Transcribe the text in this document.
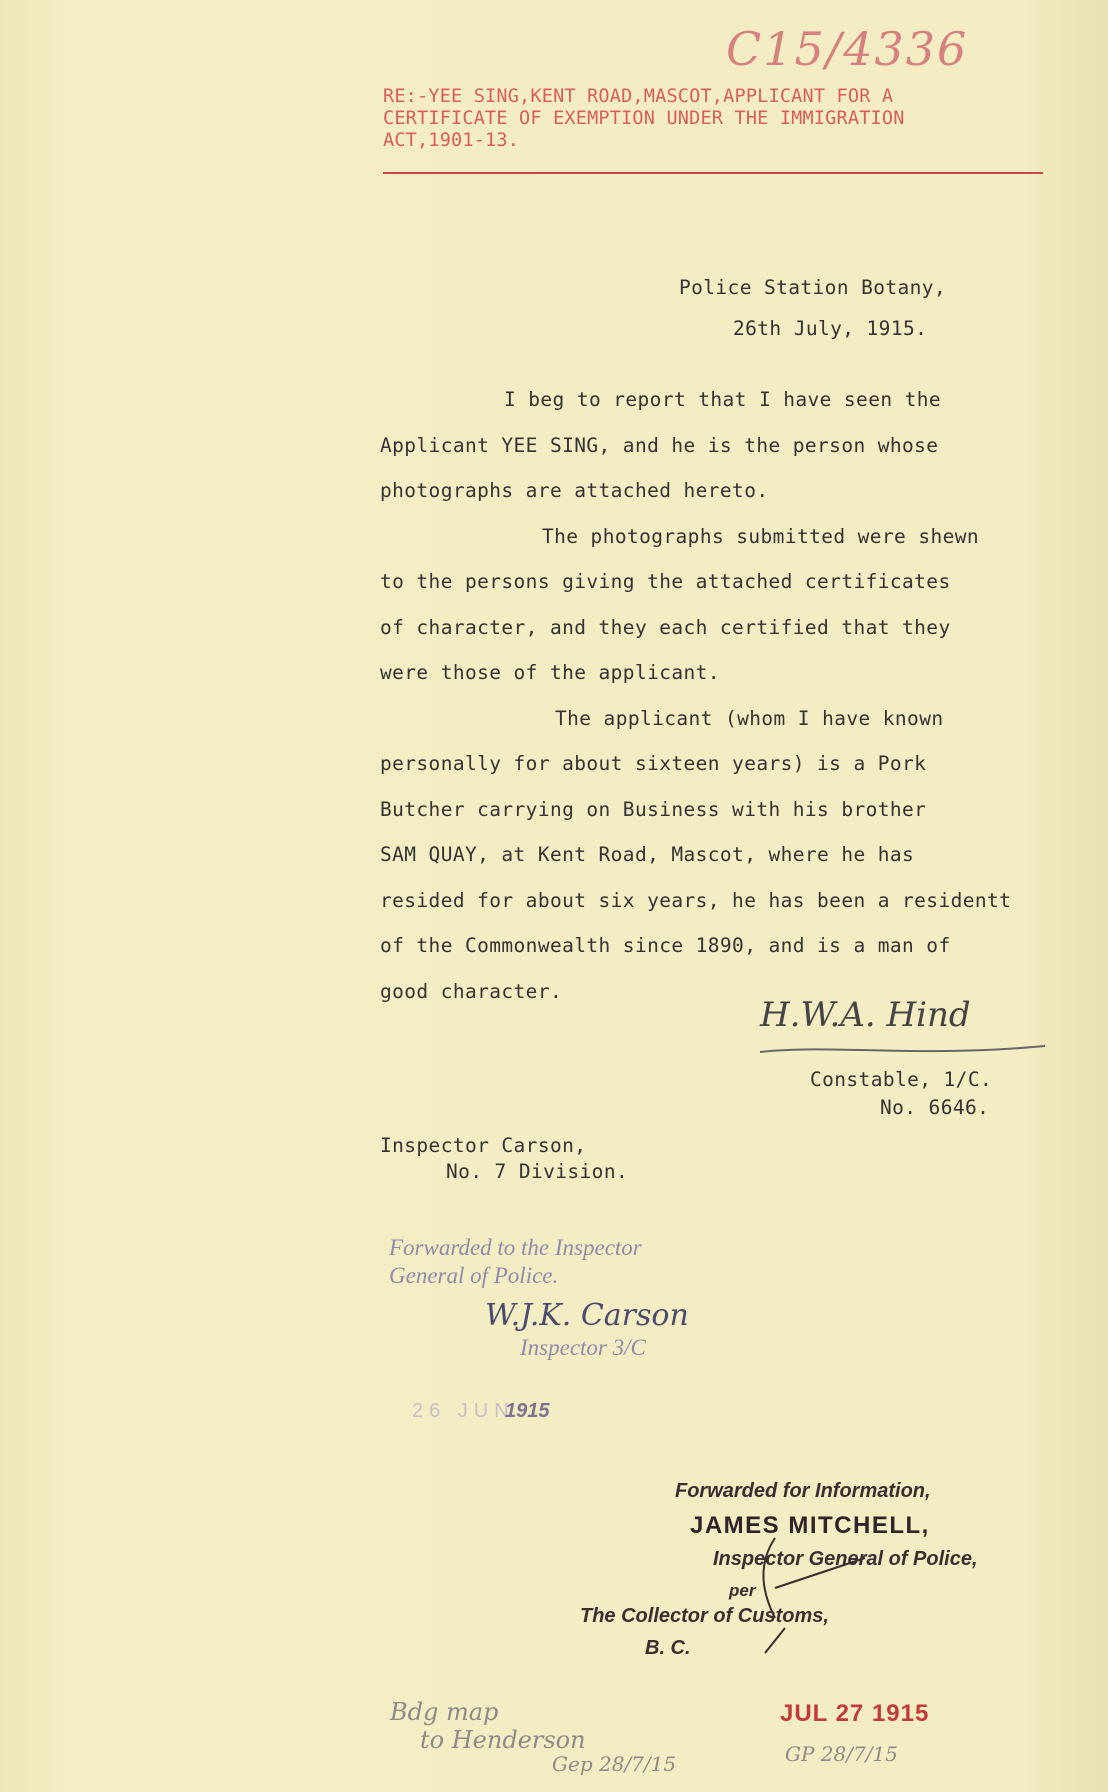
C15/4336
RE:-YEE SING,KENT ROAD,MASCOT,APPLICANT FOR A
CERTIFICATE OF EXEMPTION UNDER THE IMMIGRATION
ACT,1901-13.
Police Station Botany,
26th July, 1915.
I beg to report that I have seen the
Applicant YEE SING, and he is the person whose
photographs are attached hereto.
The photographs submitted were shewn
to the persons giving the attached certificates
of character, and they each certified that they
were those of the applicant.
The applicant (whom I have known
personally for about sixteen years) is a Pork
Butcher carrying on Business with his brother
SAM QUAY, at Kent Road, Mascot, where he has
resided for about six years, he has been a residentt
of the Commonwealth since 1890, and is a man of
good character.
H.W.A. Hind
Constable, 1/C.
No. 6646.
Inspector Carson,
No. 7 Division.
Forwarded to the Inspector
General of Police.
W.J.K. Carson
Inspector 3/C
26 JUN
1915
Forwarded for Information,
JAMES MITCHELL,
Inspector General of Police,
per
The Collector of Customs,
B. C.
Bdg map
to Henderson
Gep 28/7/15
JUL 27 1915
GP 28/7/15
